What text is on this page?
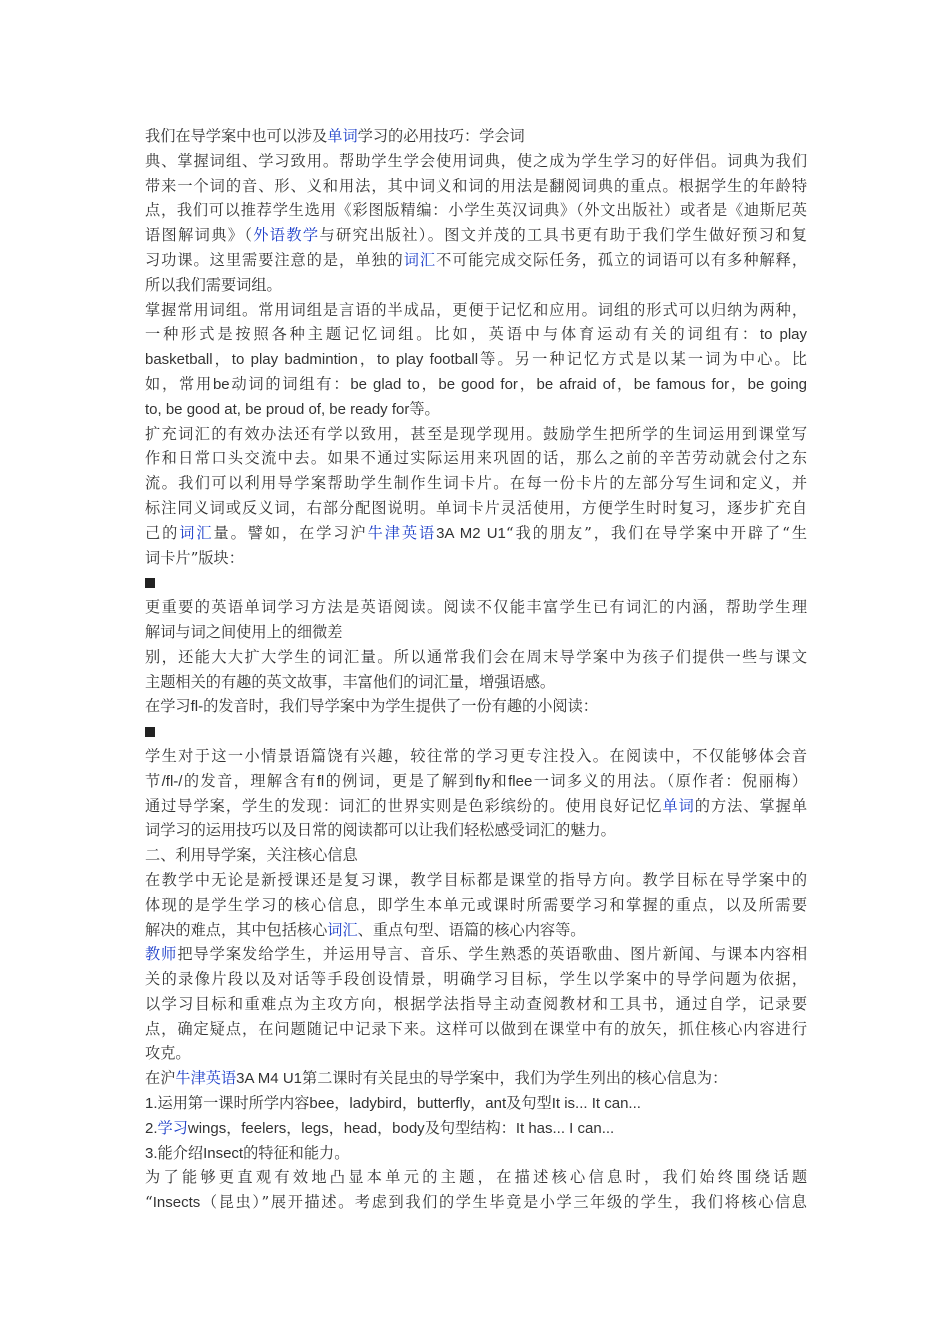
我们在导学案中也可以涉及单词学习的必用技巧：学会词
典、掌握词组、学习致用。帮助学生学会使用词典，使之成为学生学习的好伴侣。词典为我们
带来一个词的音、形、义和用法，其中词义和词的用法是翻阅词典的重点。根据学生的年龄特
点，我们可以推荐学生选用《彩图版精编：小学生英汉词典》（外文出版社）或者是《迪斯尼英
语图解词典》（外语教学与研究出版社）。图文并茂的工具书更有助于我们学生做好预习和复
习功课。这里需要注意的是，单独的词汇不可能完成交际任务，孤立的词语可以有多种解释，
所以我们需要词组。
掌握常用词组。常用词组是言语的半成品，更便于记忆和应用。词组的形式可以归纳为两种，
一种形式是按照各种主题记忆词组。比如，英语中与体育运动有关的词组有：to play
basketball，to play badmintion，to play football等。另一种记忆方式是以某一词为中心。比
如，常用be动词的词组有：be glad to，be good for，be afraid of，be famous for，be going
to, be good at, be proud of, be ready for等。
扩充词汇的有效办法还有学以致用，甚至是现学现用。鼓励学生把所学的生词运用到课堂写
作和日常口头交流中去。如果不通过实际运用来巩固的话，那么之前的辛苦劳动就会付之东
流。我们可以利用导学案帮助学生制作生词卡片。在每一份卡片的左部分写生词和定义，并
标注同义词或反义词，右部分配图说明。单词卡片灵活使用，方便学生时时复习，逐步扩充自
己的词汇量。譬如，在学习沪牛津英语3A M2 U1“我的朋友”，我们在导学案中开辟了“生
词卡片”版块：
更重要的英语单词学习方法是英语阅读。阅读不仅能丰富学生已有词汇的内涵，帮助学生理
解词与词之间使用上的细微差
别，还能大大扩大学生的词汇量。所以通常我们会在周末导学案中为孩子们提供一些与课文
主题相关的有趣的英文故事，丰富他们的词汇量，增强语感。
在学习fl-的发音时，我们导学案中为学生提供了一份有趣的小阅读：
学生对于这一小情景语篇饶有兴趣，较往常的学习更专注投入。在阅读中，不仅能够体会音
节/fl-/的发音，理解含有fl的例词，更是了解到fly和flee一词多义的用法。（原作者：倪丽梅）
通过导学案，学生的发现：词汇的世界实则是色彩缤纷的。使用良好记忆单词的方法、掌握单
词学习的运用技巧以及日常的阅读都可以让我们轻松感受词汇的魅力。
二、利用导学案，关注核心信息
在教学中无论是新授课还是复习课，教学目标都是课堂的指导方向。教学目标在导学案中的
体现的是学生学习的核心信息，即学生本单元或课时所需要学习和掌握的重点，以及所需要
解决的难点，其中包括核心词汇、重点句型、语篇的核心内容等。
教师把导学案发给学生，并运用导言、音乐、学生熟悉的英语歌曲、图片新闻、与课本内容相
关的录像片段以及对话等手段创设情景，明确学习目标，学生以学案中的导学问题为依据，
以学习目标和重难点为主攻方向，根据学法指导主动查阅教材和工具书，通过自学，记录要
点，确定疑点，在问题随记中记录下来。这样可以做到在课堂中有的放矢，抓住核心内容进行
攻克。
在沪牛津英语3A M4 U1第二课时有关昆虫的导学案中，我们为学生列出的核心信息为：
1.运用第一课时所学内容bee，ladybird，butterfly，ant及句型It is... It can...
2.学习wings，feelers，legs，head，body及句型结构：It has... I can...
3.能介绍Insect的特征和能力。
为了能够更直观有效地凸显本单元的主题，在描述核心信息时，我们始终围绕话题
“Insects（昆虫）”展开描述。考虑到我们的学生毕竟是小学三年级的学生，我们将核心信息
